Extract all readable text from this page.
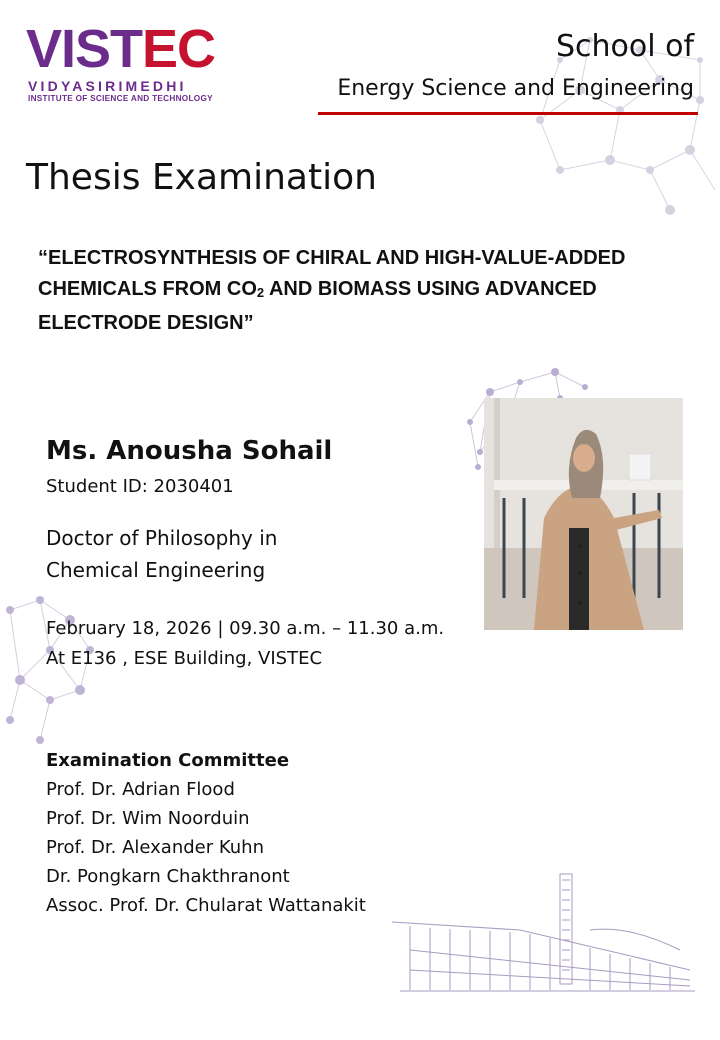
VISTEC
VIDYASIRIMEDHI
INSTITUTE OF SCIENCE AND TECHNOLOGY
School of
Energy Science and Engineering
Thesis Examination
“ELECTROSYNTHESIS OF CHIRAL AND HIGH-VALUE-ADDED CHEMICALS FROM $CO_2$ AND BIOMASS USING ADVANCED ELECTRODE DESIGN”
Ms. Anousha Sohail
Student ID: 2030401
Doctor of Philosophy in
Chemical Engineering
February 18, 2026 | 09.30 a.m. – 11.30 a.m.
At E136 , ESE Building, VISTEC
Examination Committee
Prof. Dr. Adrian Flood
Prof. Dr. Wim Noorduin
Prof. Dr. Alexander Kuhn
Dr. Pongkarn Chakthranont
Assoc. Prof. Dr. Chularat Wattanakit
